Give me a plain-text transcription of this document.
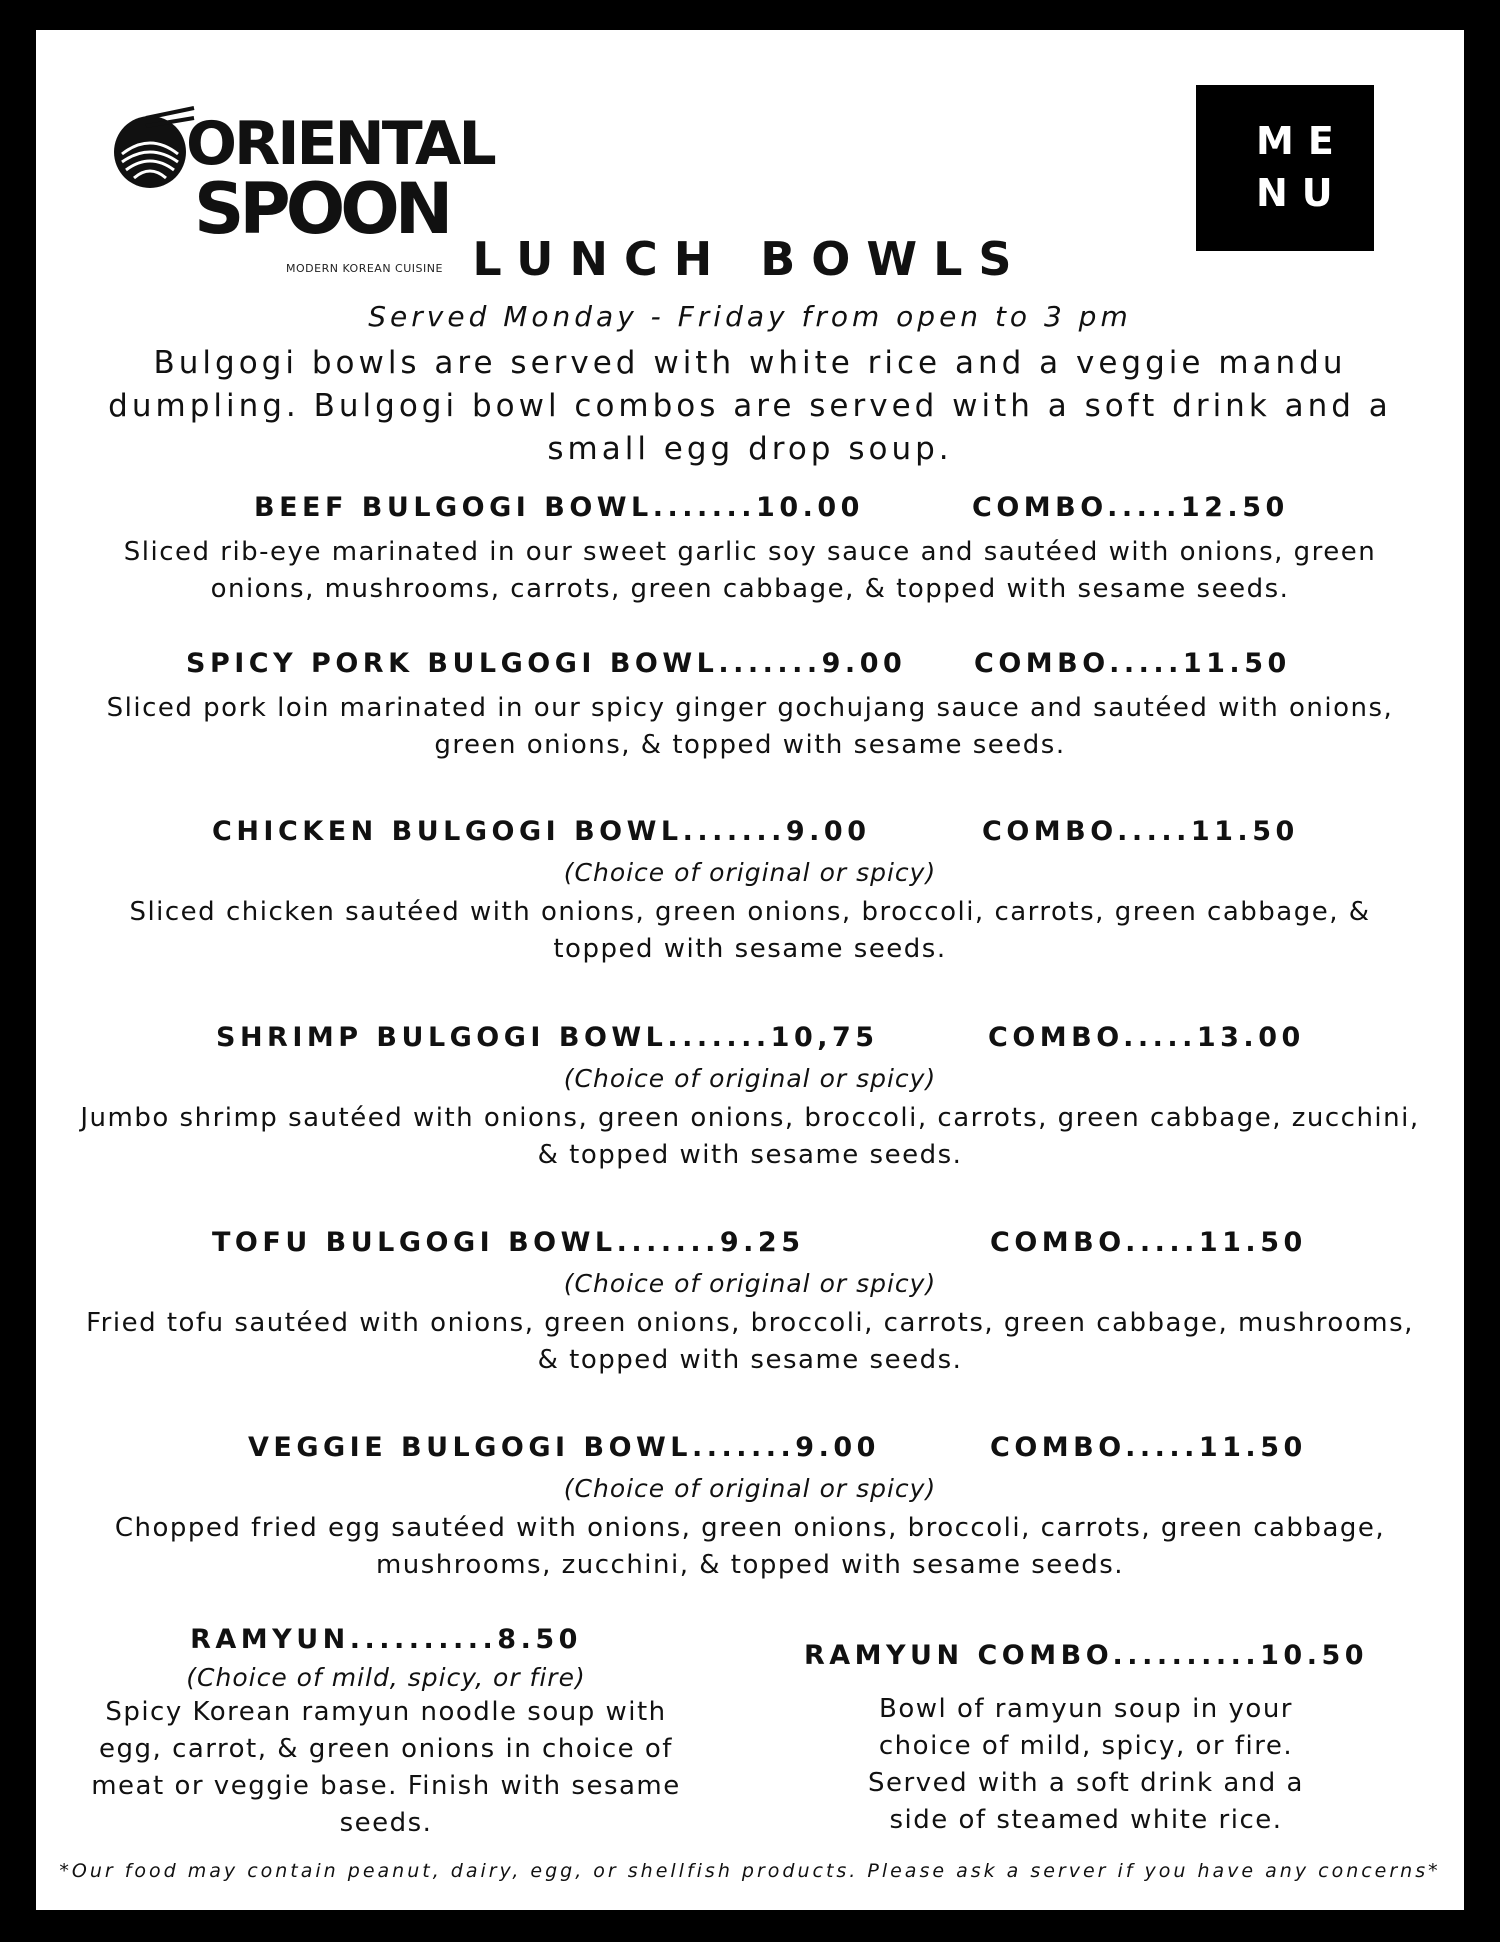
ORIENTAL
SPOON
MODERN KOREAN CUISINE
ME
NU
LUNCH BOWLS
Served Monday - Friday from open to 3 pm
Bulgogi bowls are served with white rice and a veggie mandu dumpling. Bulgogi bowl combos are served with a soft drink and a small egg drop soup.
BEEF BULGOGI BOWL.......10.00	COMBO.....12.50
Sliced rib-eye marinated in our sweet garlic soy sauce and sautéed with onions, green onions, mushrooms, carrots, green cabbage, & topped with sesame seeds.
SPICY PORK BULGOGI BOWL.......9.00	COMBO.....11.50
Sliced pork loin marinated in our spicy ginger gochujang sauce and sautéed with onions, green onions, & topped with sesame seeds.
CHICKEN BULGOGI BOWL.......9.00	COMBO.....11.50
(Choice of original or spicy)
Sliced chicken sautéed with onions, green onions, broccoli, carrots, green cabbage, & topped with sesame seeds.
SHRIMP BULGOGI BOWL.......10,75	COMBO.....13.00
(Choice of original or spicy)
Jumbo shrimp sautéed with onions, green onions, broccoli, carrots, green cabbage, zucchini, & topped with sesame seeds.
TOFU BULGOGI BOWL.......9.25	COMBO.....11.50
(Choice of original or spicy)
Fried tofu sautéed with onions, green onions, broccoli, carrots, green cabbage, mushrooms, & topped with sesame seeds.
VEGGIE BULGOGI BOWL.......9.00	COMBO.....11.50
(Choice of original or spicy)
Chopped fried egg sautéed with onions, green onions, broccoli, carrots, green cabbage, mushrooms, zucchini, & topped with sesame seeds.
RAMYUN..........8.50
(Choice of mild, spicy, or fire)
Spicy Korean ramyun noodle soup with egg, carrot, & green onions in choice of meat or veggie base. Finish with sesame seeds.
RAMYUN COMBO..........10.50
Bowl of ramyun soup in your choice of mild, spicy, or fire. Served with a soft drink and a side of steamed white rice.
*Our food may contain peanut, dairy, egg, or shellfish products. Please ask a server if you have any concerns*
